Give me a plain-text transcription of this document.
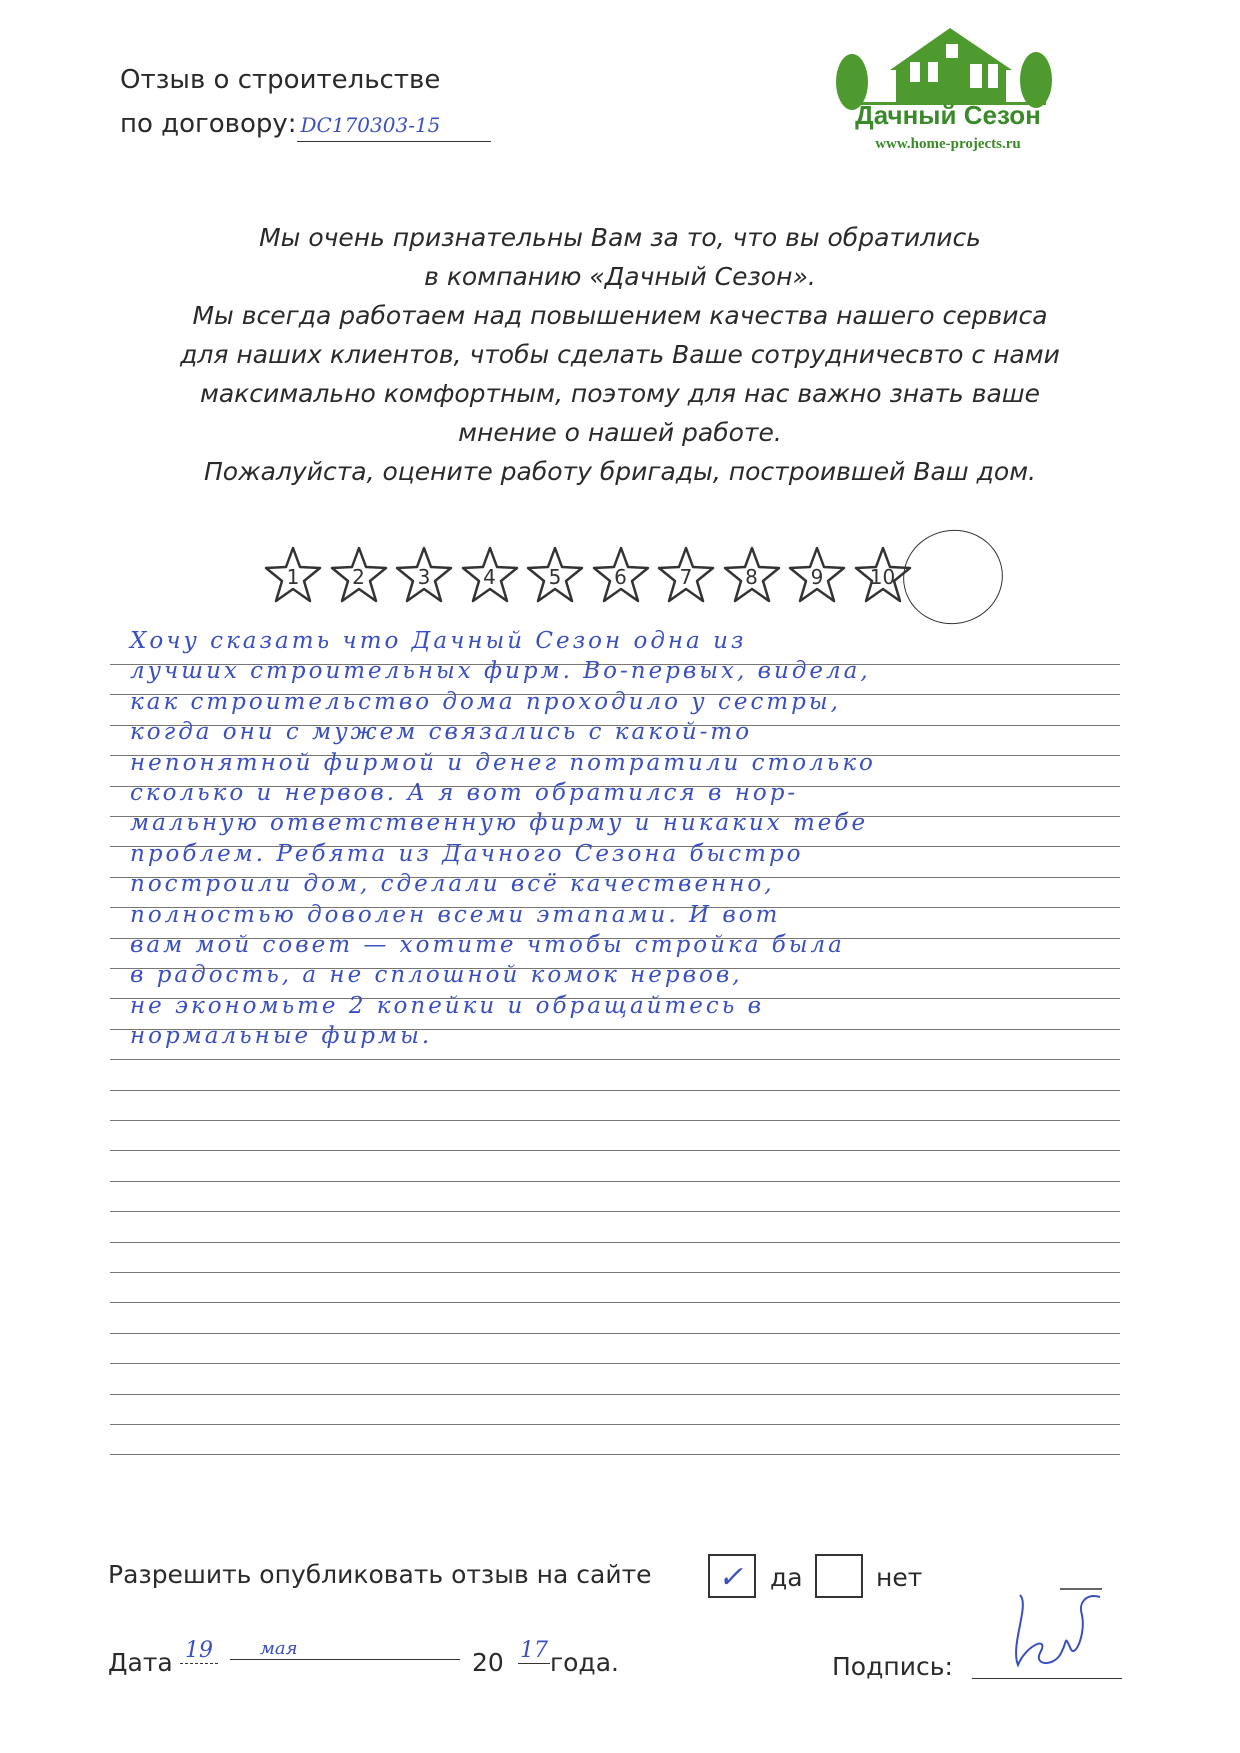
Отзыв о строительстве
по договору: DC170303-15	Дачный Сезон
www.home-projects.ru

Мы очень признательны Вам за то, что вы обратились

в компанию «Дачный Сезон».

Мы всегда работаем над повышением качества нашего сервиса

для наших клиентов, чтобы сделать Ваше сотрудничесвто с нами

максимально комфортным, поэтому для нас важно знать ваше

мнение о нашей работе.

Пожалуйста, оцените работу бригады, построившей Ваш дом.

1	2	3	4	5	6	7	8	9	10
Хочу сказать что Дачный Сезон одна из
лучших строительных фирм. Во-первых, видела,
как строительство дома проходило у сестры,
когда они с мужем связались с какой-то
непонятной фирмой и денег потратили столько
сколько и нервов. А я вот обратился в нор-
мальную ответственную фирму и никаких тебе
проблем. Ребята из Дачного Сезона быстро
построили дом, сделали всё качественно,
полностью доволен всеми этапами. И вот
вам мой совет — хотите чтобы стройка была
в радость, а не сплошной комок нервов,
не экономьте 2 копейки и обращайтесь в
нормальные фирмы.
Разрешить опубликовать отзыв на сайте ✓ да	нет
Дата 19	мая	20 17 года.	Подпись:
